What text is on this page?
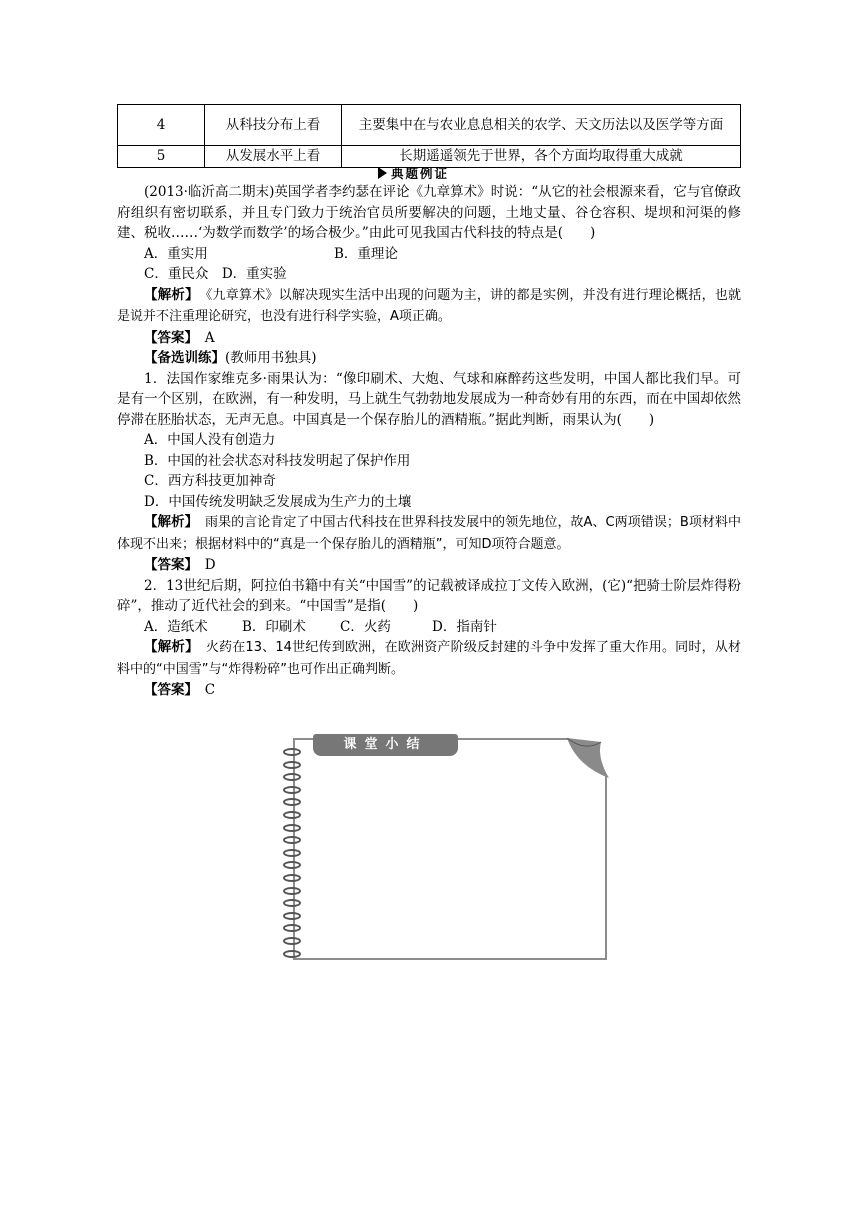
4	从科技分布上看	主要集中在与农业息息相关的农学、天文历法以及医学等方面
5	从发展水平上看	长期遥遥领先于世界，各个方面均取得重大成就
典题例证

(2013·临沂高二期末)英国学者李约瑟在评论《九章算术》时说：“从它的社会根源来看，它与官僚政府组织有密切联系，并且专门致力于统治官员所要解决的问题，土地丈量、谷仓容积、堤坝和河渠的修建、税收……‘为数学而数学’的场合极少。”由此可见我国古代科技的特点是(　　)

A．重实用	B．重理论

C．重民众　D．重实验

【解析】　 《九章算术》以解决现实生活中出现的问题为主，讲的都是实例，并没有进行理论概括，也就是说并不注重理论研究，也没有进行科学实验，A项正确。

【答案】　 A

【备选训练】(教师用书独具)

1．法国作家维克多·雨果认为：“像印刷术、大炮、气球和麻醉药这些发明，中国人都比我们早。可是有一个区别，在欧洲，有一种发明，马上就生气勃勃地发展成为一种奇妙有用的东西，而在中国却依然停滞在胚胎状态，无声无息。中国真是一个保存胎儿的酒精瓶。”据此判断，雨果认为(　　)

A．中国人没有创造力

B．中国的社会状态对科技发明起了保护作用

C．西方科技更加神奇

D．中国传统发明缺乏发展成为生产力的土壤

【解析】　 雨果的言论肯定了中国古代科技在世界科技发展中的领先地位，故A、C两项错误；B项材料中体现不出来；根据材料中的“真是一个保存胎儿的酒精瓶”，可知D项符合题意。

【答案】　 D

2．13世纪后期，阿拉伯书籍中有关“中国雪”的记载被译成拉丁文传入欧洲，(它)“把骑士阶层炸得粉碎”，推动了近代社会的到来。“中国雪”是指(　　)

A．造纸术	B．印刷术	C．火药	D．指南针

【解析】　 火药在13、14世纪传到欧洲，在欧洲资产阶级反封建的斗争中发挥了重大作用。同时，从材料中的“中国雪”与“炸得粉碎”也可作出正确判断。

【答案】　 C

课堂小结
